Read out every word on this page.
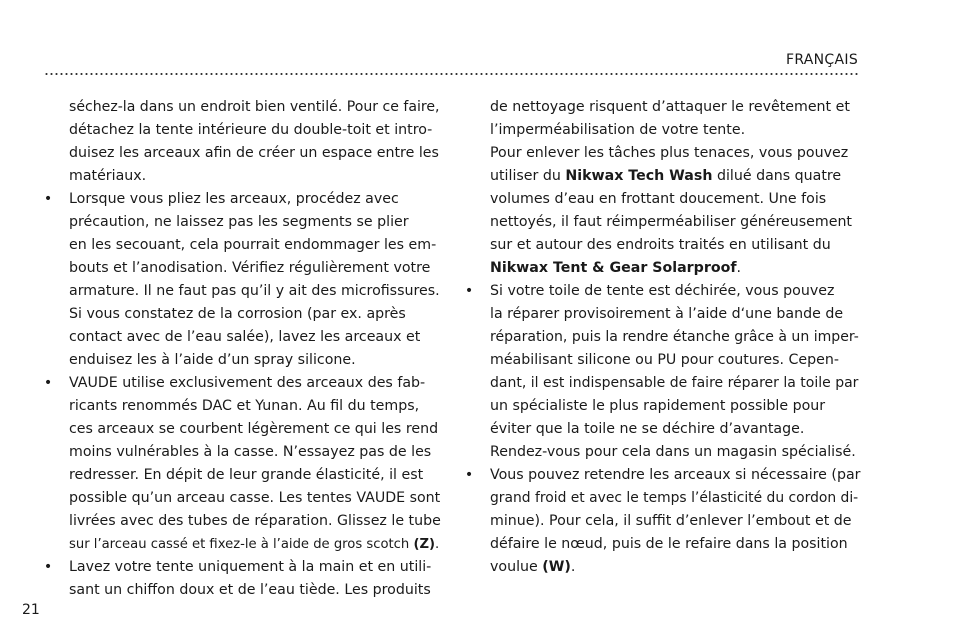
FRANÇAIS

séchez-la dans un endroit bien ventilé. Pour ce faire,
détachez la tente intérieure du double-toit et intro-
duisez les arceaux afin de créer un espace entre les
matériaux.

• Lorsque vous pliez les arceaux, procédez avec
précaution, ne laissez pas les segments se plier
en les secouant, cela pourrait endommager les em-
bouts et l’anodisation. Vérifiez régulièrement votre
armature. Il ne faut pas qu’il y ait des microfissures.
Si vous constatez de la corrosion (par ex. après
contact avec de l’eau salée), lavez les arceaux et
enduisez les à l’aide d’un spray silicone.

• VAUDE utilise exclusivement des arceaux des fab-
ricants renommés DAC et Yunan. Au fil du temps,
ces arceaux se courbent légèrement ce qui les rend
moins vulnérables à la casse. N’essayez pas de les
redresser. En dépit de leur grande élasticité, il est
possible qu’un arceau casse. Les tentes VAUDE sont
livrées avec des tubes de réparation. Glissez le tube
sur l’arceau cassé et fixez-le à l’aide de gros scotch (Z).

• Lavez votre tente uniquement à la main et en utili-
sant un chiffon doux et de l’eau tiède. Les produits

de nettoyage risquent d’attaquer le revêtement et
l’imperméabilisation de votre tente.
Pour enlever les tâches plus tenaces, vous pouvez
utiliser du Nikwax Tech Wash dilué dans quatre
volumes d’eau en frottant doucement. Une fois
nettoyés, il faut réimperméabiliser généreusement
sur et autour des endroits traités en utilisant du
Nikwax Tent & Gear Solarproof.

• Si votre toile de tente est déchirée, vous pouvez
la réparer provisoirement à l’aide d‘une bande de
réparation, puis la rendre étanche grâce à un imper-
méabilisant silicone ou PU pour coutures. Cepen-
dant, il est indispensable de faire réparer la toile par
un spécialiste le plus rapidement possible pour
éviter que la toile ne se déchire d’avantage.
Rendez-vous pour cela dans un magasin spécialisé.

• Vous pouvez retendre les arceaux si nécessaire (par
grand froid et avec le temps l’élasticité du cordon di-
minue). Pour cela, il suffit d’enlever l’embout et de
défaire le nœud, puis de le refaire dans la position
voulue (W).

21
